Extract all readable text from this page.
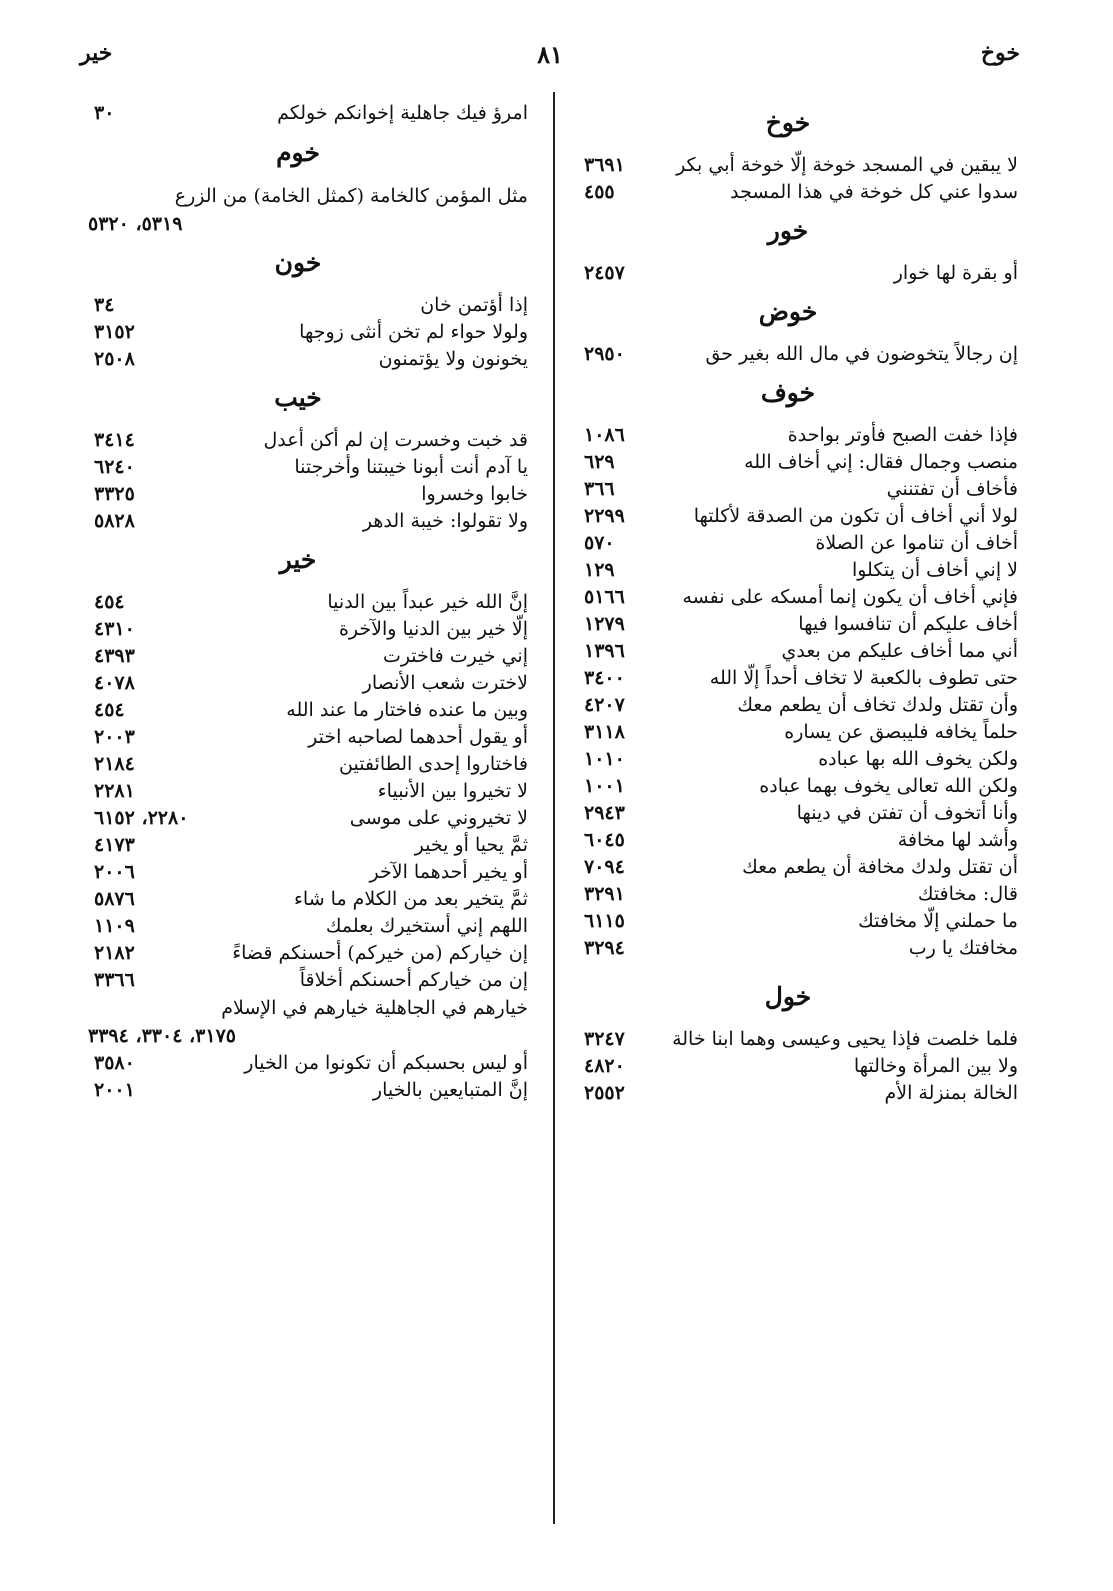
خوخ
٨١
خير
خوخ
لا يبقين في المسجد خوخة إلّا خوخة أبي بكر
٣٦٩١
سدوا عني كل خوخة في هذا المسجد
٤٥٥
خور
أو بقرة لها خوار
٢٤٥٧
خوض
إن رجالاً يتخوضون في مال الله بغير حق
٢٩٥٠
خوف
فإذا خفت الصبح فأوتر بواحدة
١٠٨٦
منصب وجمال فقال: إني أخاف الله
٦٢٩
فأخاف أن تفتنني
٣٦٦
لولا أني أخاف أن تكون من الصدقة لأكلتها
٢٢٩٩
أخاف أن تناموا عن الصلاة
٥٧٠
لا إني أخاف أن يتكلوا
١٢٩
فإني أخاف أن يكون إنما أمسكه على نفسه
٥١٦٦
أخاف عليكم أن تنافسوا فيها
١٢٧٩
أني مما أخاف عليكم من بعدي
١٣٩٦
حتى تطوف بالكعبة لا تخاف أحداً إلّا الله
٣٤٠٠
وأن تقتل ولدك تخاف أن يطعم معك
٤٢٠٧
حلماً يخافه فليبصق عن يساره
٣١١٨
ولكن يخوف الله بها عباده
١٠١٠
ولكن الله تعالى يخوف بهما عباده
١٠٠١
وأنا أتخوف أن تفتن في دينها
٢٩٤٣
وأشد لها مخافة
٦٠٤٥
أن تقتل ولدك مخافة أن يطعم معك
٧٠٩٤
قال: مخافتك
٣٢٩١
ما حملني إلّا مخافتك
٦١١٥
مخافتك يا رب
٣٢٩٤
خول
فلما خلصت فإذا يحيى وعيسى وهما ابنا خالة
٣٢٤٧
ولا بين المرأة وخالتها
٤٨٢٠
الخالة بمنزلة الأم
٢٥٥٢
امرؤ فيك جاهلية إخوانكم خولكم
٣٠
خوم
مثل المؤمن كالخامة (كمثل الخامة) من الزرع
٥٣١٩، ٥٣٢٠
خون
إذا أؤتمن خان
٣٤
ولولا حواء لم تخن أنثى زوجها
٣١٥٢
يخونون ولا يؤتمنون
٢٥٠٨
خيب
قد خبت وخسرت إن لم أكن أعدل
٣٤١٤
يا آدم أنت أبونا خيبتنا وأخرجتنا
٦٢٤٠
خابوا وخسروا
٣٣٢٥
ولا تقولوا: خيبة الدهر
٥٨٢٨
خير
إنَّ الله خير عبداً بين الدنيا
٤٥٤
إلّا خير بين الدنيا والآخرة
٤٣١٠
إني خيرت فاخترت
٤٣٩٣
لاخترت شعب الأنصار
٤٠٧٨
وبين ما عنده فاختار ما عند الله
٤٥٤
أو يقول أحدهما لصاحبه اختر
٢٠٠٣
فاختاروا إحدى الطائفتين
٢١٨٤
لا تخيروا بين الأنبياء
٢٢٨١
لا تخيروني على موسى
٢٢٨٠، ٦١٥٢
ثمَّ يحيا أو يخير
٤١٧٣
أو يخير أحدهما الآخر
٢٠٠٦
ثمَّ يتخير بعد من الكلام ما شاء
٥٨٧٦
اللهم إني أستخيرك بعلمك
١١٠٩
إن خياركم (من خيركم) أحسنكم قضاءً
٢١٨٢
إن من خياركم أحسنكم أخلاقاً
٣٣٦٦
خيارهم في الجاهلية خيارهم في الإسلام
٣١٧٥، ٣٣٠٤، ٣٣٩٤
أو ليس بحسبكم أن تكونوا من الخيار
٣٥٨٠
إنَّ المتبايعين بالخيار
٢٠٠١
